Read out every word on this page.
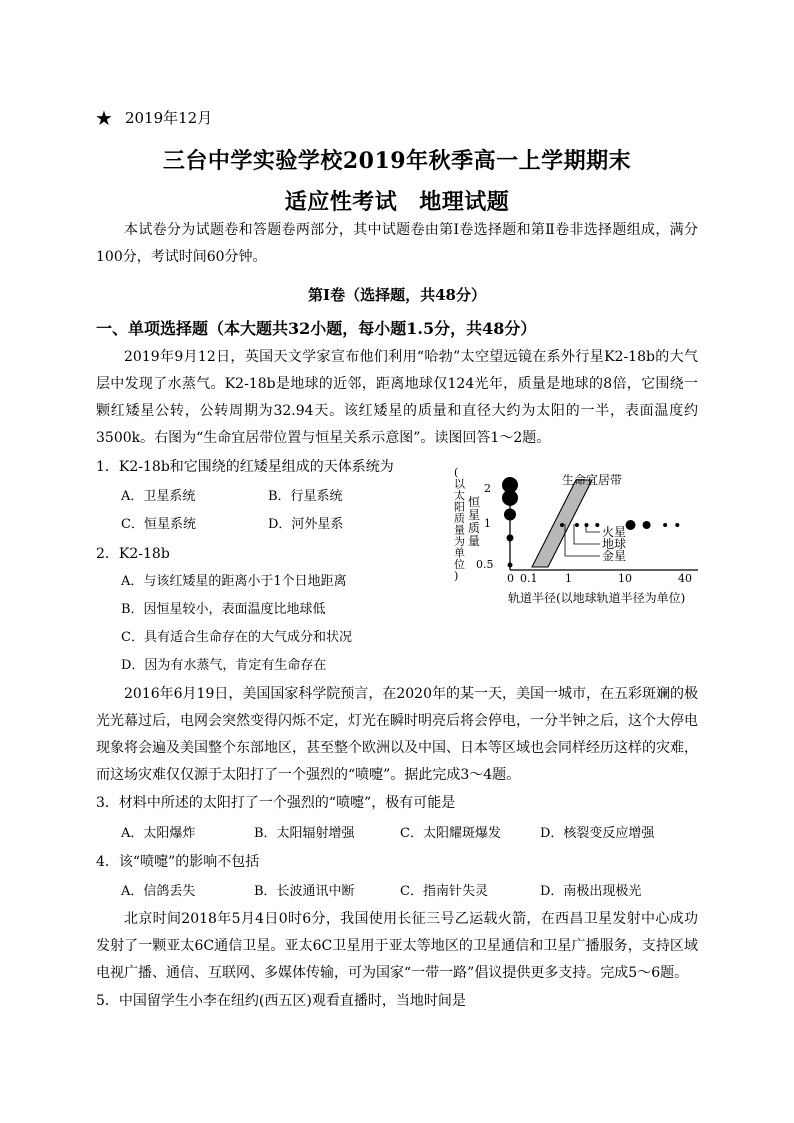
★ 2019年12月
三台中学实验学校2019年秋季高一上学期期末
适应性考试 地理试题
本试卷分为试题卷和答题卷两部分，其中试题卷由第Ⅰ卷选择题和第Ⅱ卷非选择题组成，满分100分，考试时间60分钟。
第Ⅰ卷（选择题，共48分）
一、单项选择题（本大题共32小题，每小题1.5分，共48分）
2019年9月12日，英国天文学家宣布他们利用“哈勃”太空望远镜在系外行星K2-18b的大气层中发现了水蒸气。K2-18b是地球的近邻，距离地球仅124光年，质量是地球的8倍，它围绕一颗红矮星公转，公转周期为32.94天。该红矮星的质量和直径大约为太阳的一半，表面温度约3500k。右图为“生命宜居带位置与恒星关系示意图”。读图回答1～2题。
1．K2-18b和它围绕的红矮星组成的天体系统为
A．卫星系统	B．行星系统
C．恒星系统	D．河外星系
2．K2-18b
A．与该红矮星的距离小于1个日地距离
B．因恒星较小，表面温度比地球低
C．具有适合生命存在的大气成分和状况
D．因为有水蒸气，肯定有生命存在
2016年6月19日，美国国家科学院预言，在2020年的某一天，美国一城市，在五彩斑斓的极光光幕过后，电网会突然变得闪烁不定，灯光在瞬时明亮后将会停电，一分半钟之后，这个大停电现象将会遍及美国整个东部地区，甚至整个欧洲以及中国、日本等区域也会同样经历这样的灾难，而这场灾难仅仅源于太阳打了一个强烈的“喷嚏”。据此完成3～4题。
3．材料中所述的太阳打了一个强烈的“喷嚏”，极有可能是
A．太阳爆炸	B．太阳辐射增强	C．太阳耀斑爆发	D．核裂变反应增强
4．该“喷嚏”的影响不包括
A．信鸽丢失	B．长波通讯中断	C．指南针失灵	D．南极出现极光
北京时间2018年5月4日0时6分，我国使用长征三号乙运载火箭，在西昌卫星发射中心成功发射了一颗亚太6C通信卫星。亚太6C卫星用于亚太等地区的卫星通信和卫星广播服务，支持区域电视广播、通信、互联网、多媒体传输，可为国家“一带一路”倡议提供更多支持。完成5～6题。
5．中国留学生小李在纽约(西五区)观看直播时，当地时间是
(
以
太
阳
质
量
为
单
位
)
恒
星
质
量
生命宜居带
2
1
0.5
火星
地球
金星
0 0.1	1	10	40
轨道半径(以地球轨道半径为单位)
